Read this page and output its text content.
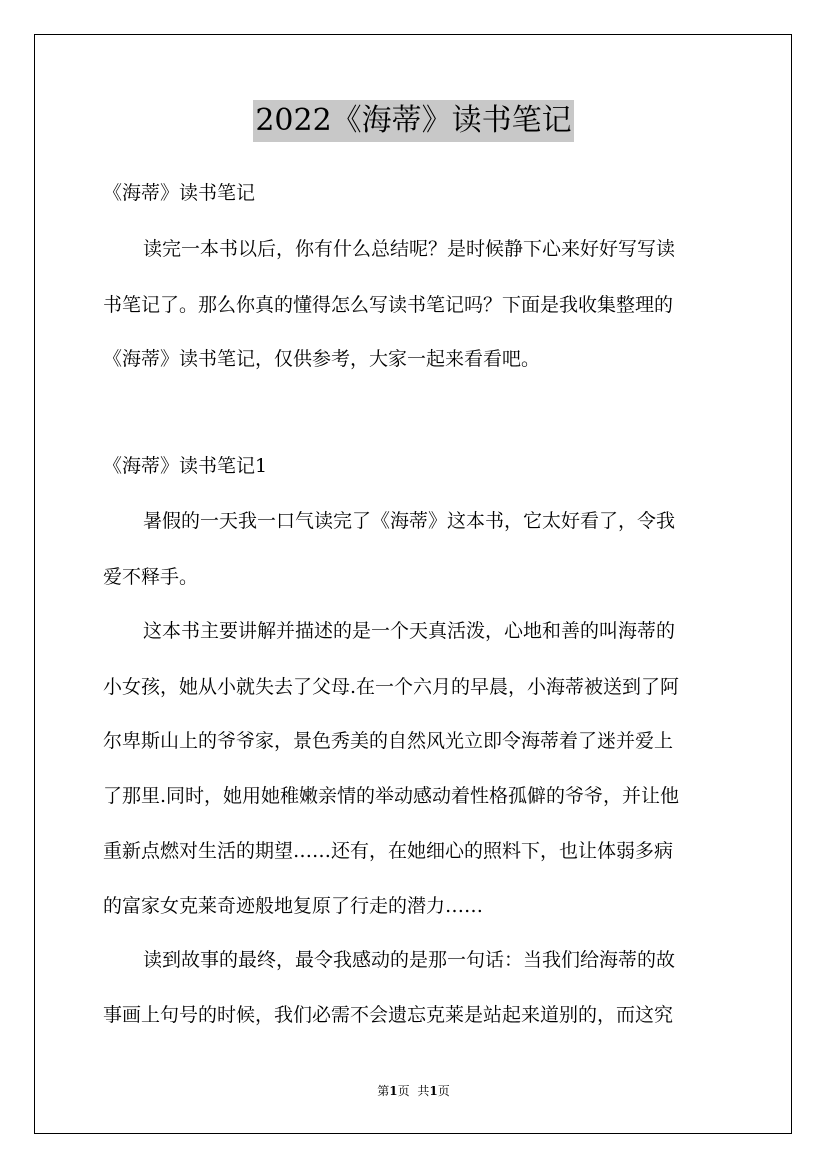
2022《海蒂》读书笔记
《海蒂》读书笔记
读完一本书以后，你有什么总结呢？是时候静下心来好好写写读
书笔记了。那么你真的懂得怎么写读书笔记吗？下面是我收集整理的
《海蒂》读书笔记，仅供参考，大家一起来看看吧。
《海蒂》读书笔记1
暑假的一天我一口气读完了《海蒂》这本书，它太好看了，令我
爱不释手。
这本书主要讲解并描述的是一个天真活泼，心地和善的叫海蒂的
小女孩，她从小就失去了父母.在一个六月的早晨，小海蒂被送到了阿
尔卑斯山上的爷爷家，景色秀美的自然风光立即令海蒂着了迷并爱上
了那里.同时，她用她稚嫩亲情的举动感动着性格孤僻的爷爷，并让他
重新点燃对生活的期望……还有，在她细心的照料下，也让体弱多病
的富家女克莱奇迹般地复原了行走的潜力……
读到故事的最终，最令我感动的是那一句话：当我们给海蒂的故
事画上句号的时候，我们必需不会遗忘克莱是站起来道别的，而这究
第1页 共1页
